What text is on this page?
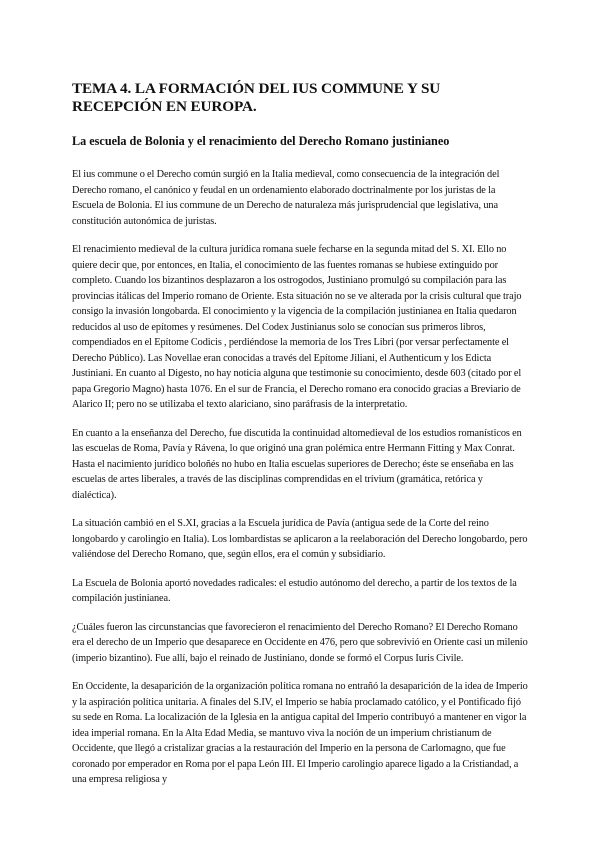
TEMA 4. LA FORMACIÓN DEL IUS COMMUNE Y SU RECEPCIÓN EN EUROPA.
La escuela de Bolonia y el renacimiento del Derecho Romano justinianeo

El ius commune o el Derecho común surgió en la Italia medieval, como consecuencia de la integración del Derecho romano, el canónico y feudal en un ordenamiento elaborado doctrinalmente por los juristas de la Escuela de Bolonia. El ius commune de un Derecho de naturaleza más jurisprudencial que legislativa, una constitución autonómica de juristas.

El renacimiento medieval de la cultura jurídica romana suele fecharse en la segunda mitad del S. XI. Ello no quiere decir que, por entonces, en Italia, el conocimiento de las fuentes romanas se hubiese extinguido por completo. Cuando los bizantinos desplazaron a los ostrogodos, Justiniano promulgó su compilación para las provincias itálicas del Imperio romano de Oriente. Esta situación no se ve alterada por la crisis cultural que trajo consigo la invasión longobarda. El conocimiento y la vigencia de la compilación justinianea en Italia quedaron reducidos al uso de epítomes y resúmenes. Del Codex Justinianus solo se conocían sus primeros libros, compendiados en el Epítome Codicis , perdiéndose la memoria de los Tres Libri (por versar perfectamente el Derecho Público). Las Novellae eran conocidas a través del Epítome Jiliani, el Authenticum y los Edicta Justiniani. En cuanto al Digesto, no hay noticia alguna que testimonie su conocimiento, desde 603 (citado por el papa Gregorio Magno) hasta 1076. En el sur de Francia, el Derecho romano era conocido gracias a Breviario de Alarico II; pero no se utilizaba el texto alariciano, sino paráfrasis de la interpretatio.

En cuanto a la enseñanza del Derecho, fue discutida la continuidad altomedieval de los estudios romanísticos en las escuelas de Roma, Pavía y Rávena, lo que originó una gran polémica entre Hermann Fitting y Max Conrat. Hasta el nacimiento jurídico boloñés no hubo en Italia escuelas superiores de Derecho; éste se enseñaba en las escuelas de artes liberales, a través de las disciplinas comprendidas en el trívium (gramática, retórica y dialéctica).

La situación cambió en el S.XI, gracias a la Escuela jurídica de Pavía (antigua sede de la Corte del reino longobardo y carolingio en Italia). Los lombardistas se aplicaron a la reelaboración del Derecho longobardo, pero valiéndose del Derecho Romano, que, según ellos, era el común y subsidiario.

La Escuela de Bolonia aportó novedades radicales: el estudio autónomo del derecho, a partir de los textos de la compilación justinianea.

¿Cuáles fueron las circunstancias que favorecieron el renacimiento del Derecho Romano? El Derecho Romano era el derecho de un Imperio que desaparece en Occidente en 476, pero que sobrevivió en Oriente casi un milenio (imperio bizantino). Fue allí, bajo el reinado de Justiniano, donde se formó el Corpus Iuris Civile.

En Occidente, la desaparición de la organización política romana no entrañó la desaparición de la idea de Imperio y la aspiración política unitaria. A finales del S.IV, el Imperio se había proclamado católico, y el Pontificado fijó su sede en Roma. La localización de la Iglesia en la antigua capital del Imperio contribuyó a mantener en vigor la idea imperial romana. En la Alta Edad Media, se mantuvo viva la noción de un imperium christianum de Occidente, que llegó a cristalizar gracias a la restauración del Imperio en la persona de Carlomagno, que fue coronado por emperador en Roma por el papa León III. El Imperio carolingio aparece ligado a la Cristiandad, a una empresa religiosa y
